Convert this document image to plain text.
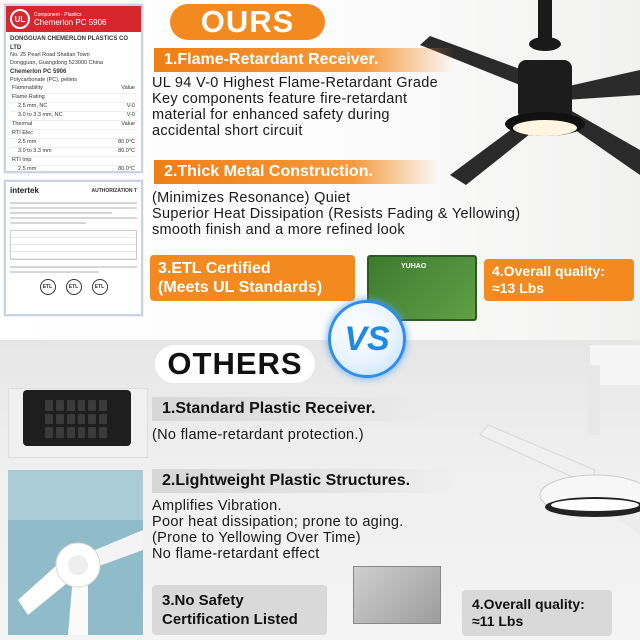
UL	Component - Plastics
Chemerlon PC 5906
DONGGUAN CHEMERLON PLASTICS CO LTD
No. 25 Pearl Road Shatian Town
Dongguan, Guangdong 523000 China
Chemerlon PC 5906
Polycarbonate (PC), pellets
Flammability	Value
Flame Rating
2.5 mm, NC	V-0
3.0 to 3.3 mm, NC	V-0
Thermal	Value
RTI Elec
2.5 mm	80.0°C
3.0 to 3.3 mm	80.0°C
RTI Imp
2.5 mm	80.0°C
intertek	AUTHORIZATION T
ETL	ETL	ETL
OURS
1.Flame-Retardant Receiver.
UL 94 V-0 Highest Flame-Retardant Grade
Key components feature fire-retardant
material for enhanced safety during
accidental short circuit
2.Thick Metal Construction.
(Minimizes Resonance) Quiet
Superior Heat Dissipation (Resists Fading & Yellowing)
smooth finish and a more refined look
3.ETL Certified
(Meets UL Standards)
YUHAO	4.Overall quality:
≈13 Lbs
VS
OTHERS
1.Standard Plastic Receiver.
(No flame-retardant protection.)
2.Lightweight Plastic Structures.
Amplifies Vibration.
Poor heat dissipation; prone to aging.
(Prone to Yellowing Over Time)
No flame-retardant effect
3.No Safety
Certification Listed
4.Overall quality:
≈11 Lbs
